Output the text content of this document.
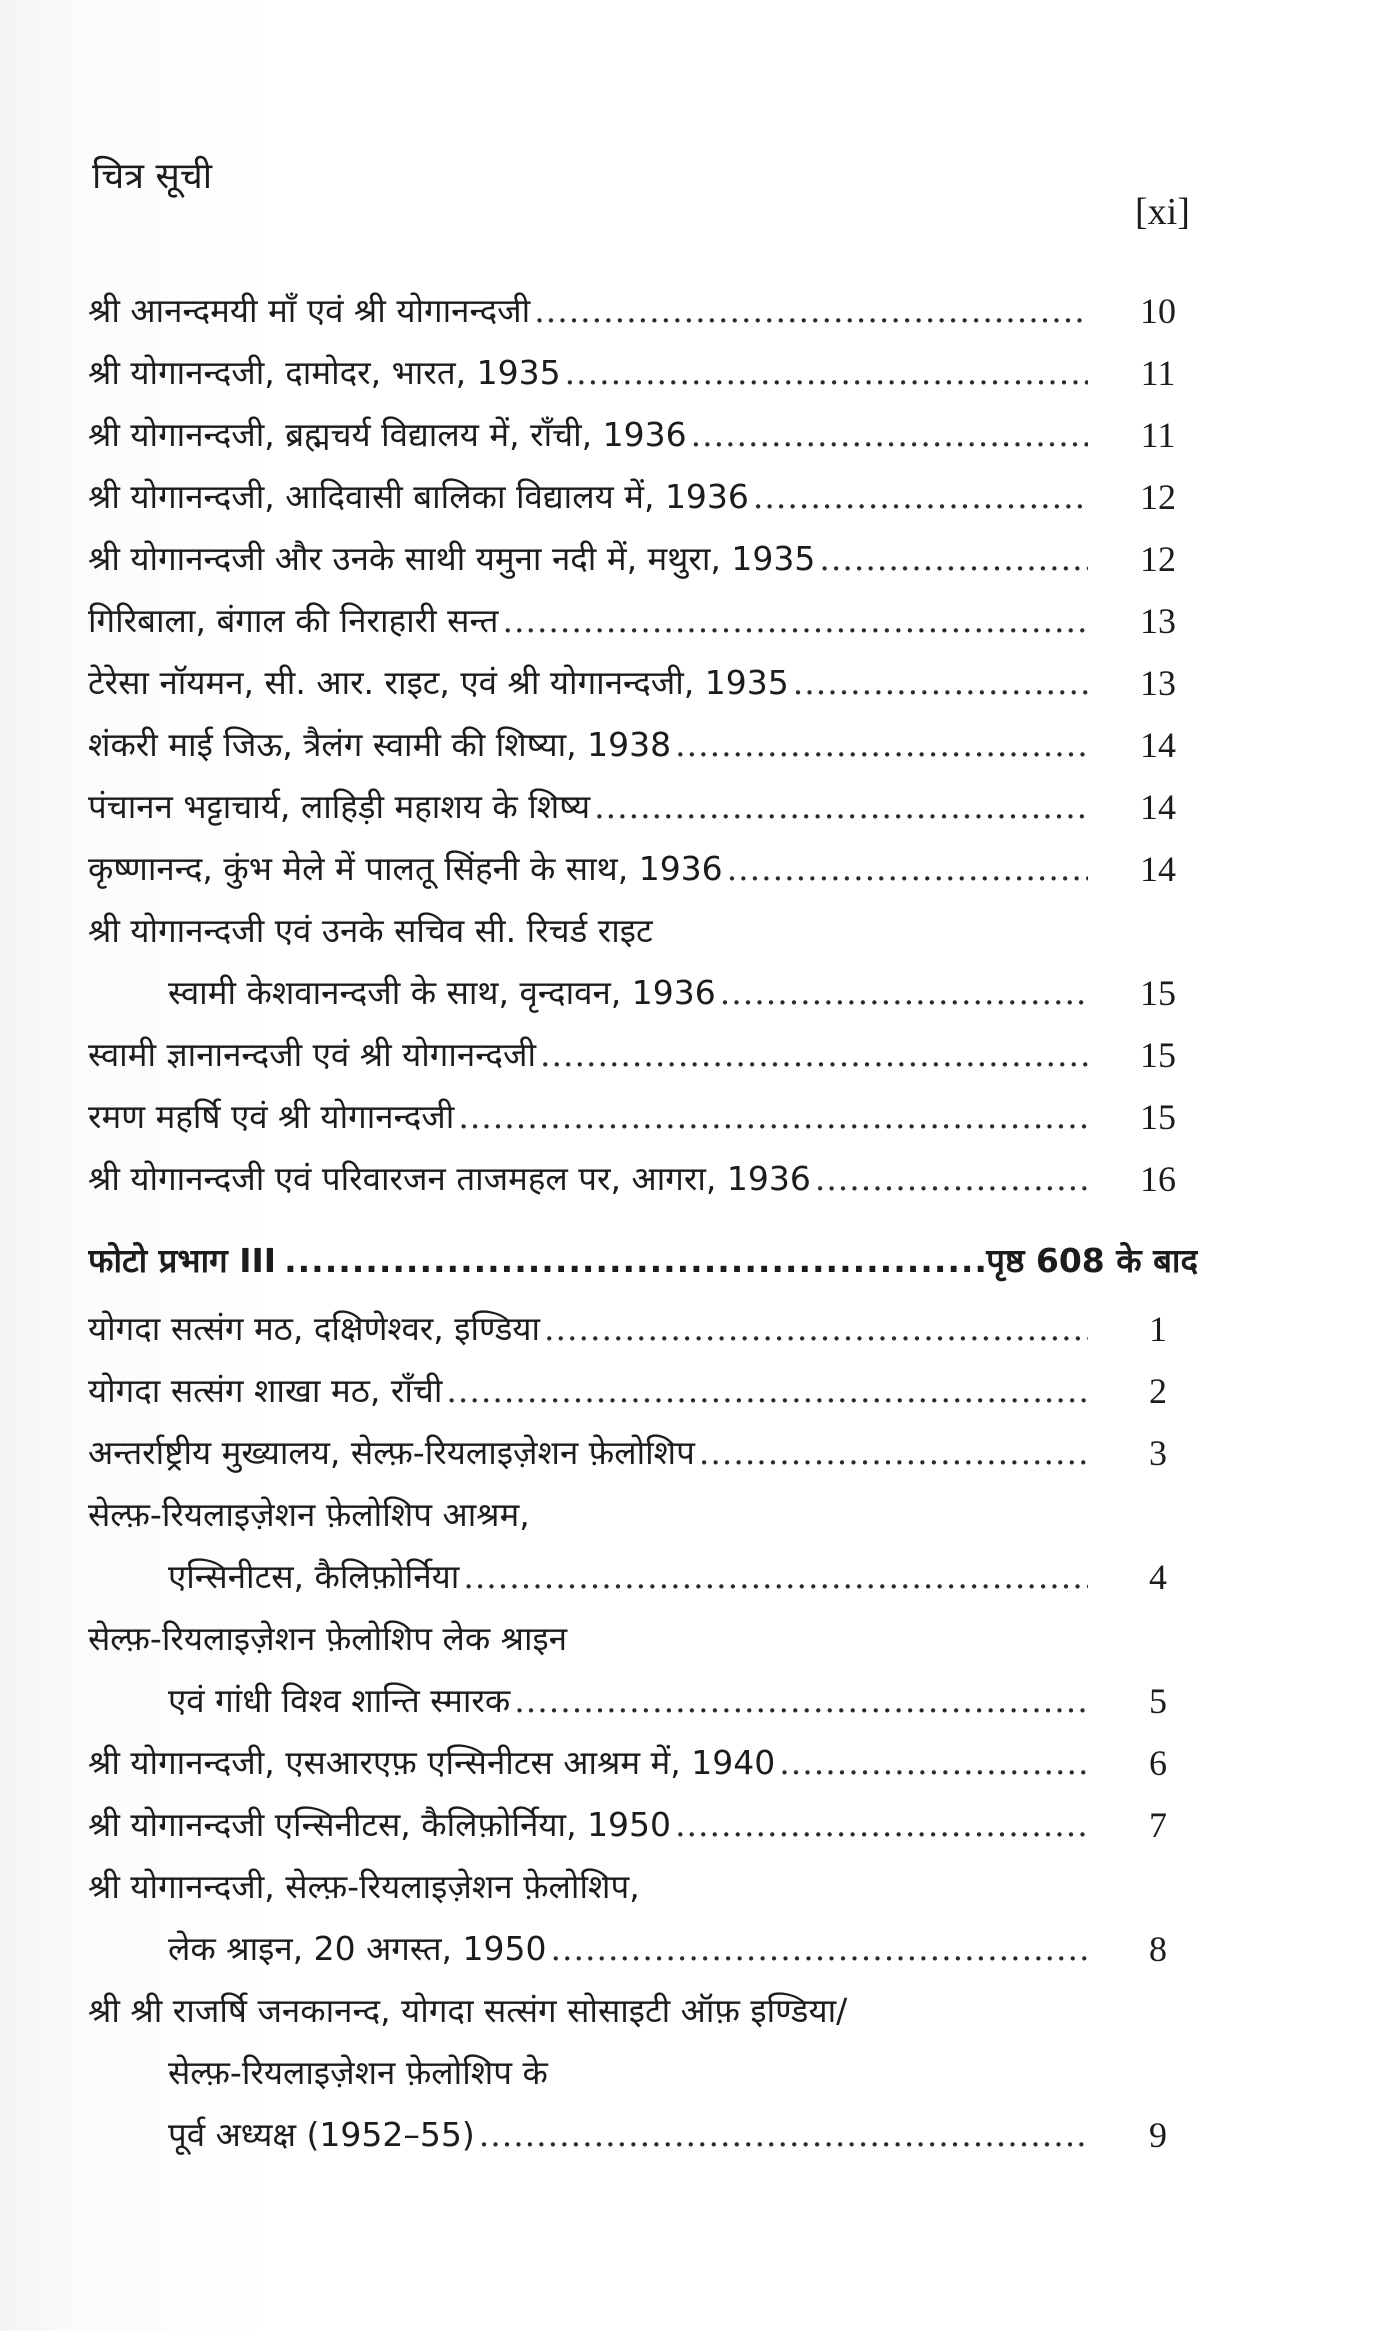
चित्र सूची
[xi]
श्री आनन्दमयी माँ एवं श्री योगानन्दजी .....	10
श्री योगानन्दजी, दामोदर, भारत, 1935 .....	11
श्री योगानन्दजी, ब्रह्मचर्य विद्यालय में, राँची, 1936 .....	11
श्री योगानन्दजी, आदिवासी बालिका विद्यालय में, 1936 .....	12
श्री योगानन्दजी और उनके साथी यमुना नदी में, मथुरा, 1935 .....	12
गिरिबाला, बंगाल की निराहारी सन्त .....	13
टेरेसा नॉयमन, सी. आर. राइट, एवं श्री योगानन्दजी, 1935 .....	13
शंकरी माई जिऊ, त्रैलंग स्वामी की शिष्या, 1938 .....	14
पंचानन भट्टाचार्य, लाहिड़ी महाशय के शिष्य .....	14
कृष्णानन्द, कुंभ मेले में पालतू सिंहनी के साथ, 1936 .....	14
श्री योगानन्दजी एवं उनके सचिव सी. रिचर्ड राइट
स्वामी केशवानन्दजी के साथ, वृन्दावन, 1936 .....	15
स्वामी ज्ञानानन्दजी एवं श्री योगानन्दजी .....	15
रमण महर्षि एवं श्री योगानन्दजी .....	15
श्री योगानन्दजी एवं परिवारजन ताजमहल पर, आगरा, 1936 .....	16
फोटो प्रभाग III .....	पृष्ठ 608 के बाद
योगदा सत्संग मठ, दक्षिणेश्वर, इण्डिया .....	1
योगदा सत्संग शाखा मठ, राँची .....	2
अन्तर्राष्ट्रीय मुख्यालय, सेल्फ़-रियलाइज़ेशन फ़ेलोशिप .....	3
सेल्फ़-रियलाइज़ेशन फ़ेलोशिप आश्रम,
एन्सिनीटस, कैलिफ़ोर्निया .....	4
सेल्फ़-रियलाइज़ेशन फ़ेलोशिप लेक श्राइन
एवं गांधी विश्व शान्ति स्मारक .....	5
श्री योगानन्दजी, एसआरएफ़ एन्सिनीटस आश्रम में, 1940 .....	6
श्री योगानन्दजी एन्सिनीटस, कैलिफ़ोर्निया, 1950 .....	7
श्री योगानन्दजी, सेल्फ़-रियलाइज़ेशन फ़ेलोशिप,
लेक श्राइन, 20 अगस्त, 1950 .....	8
श्री श्री राजर्षि जनकानन्द, योगदा सत्संग सोसाइटी ऑफ़ इण्डिया/
सेल्फ़-रियलाइज़ेशन फ़ेलोशिप के
पूर्व अध्यक्ष (1952–55) .....	9
